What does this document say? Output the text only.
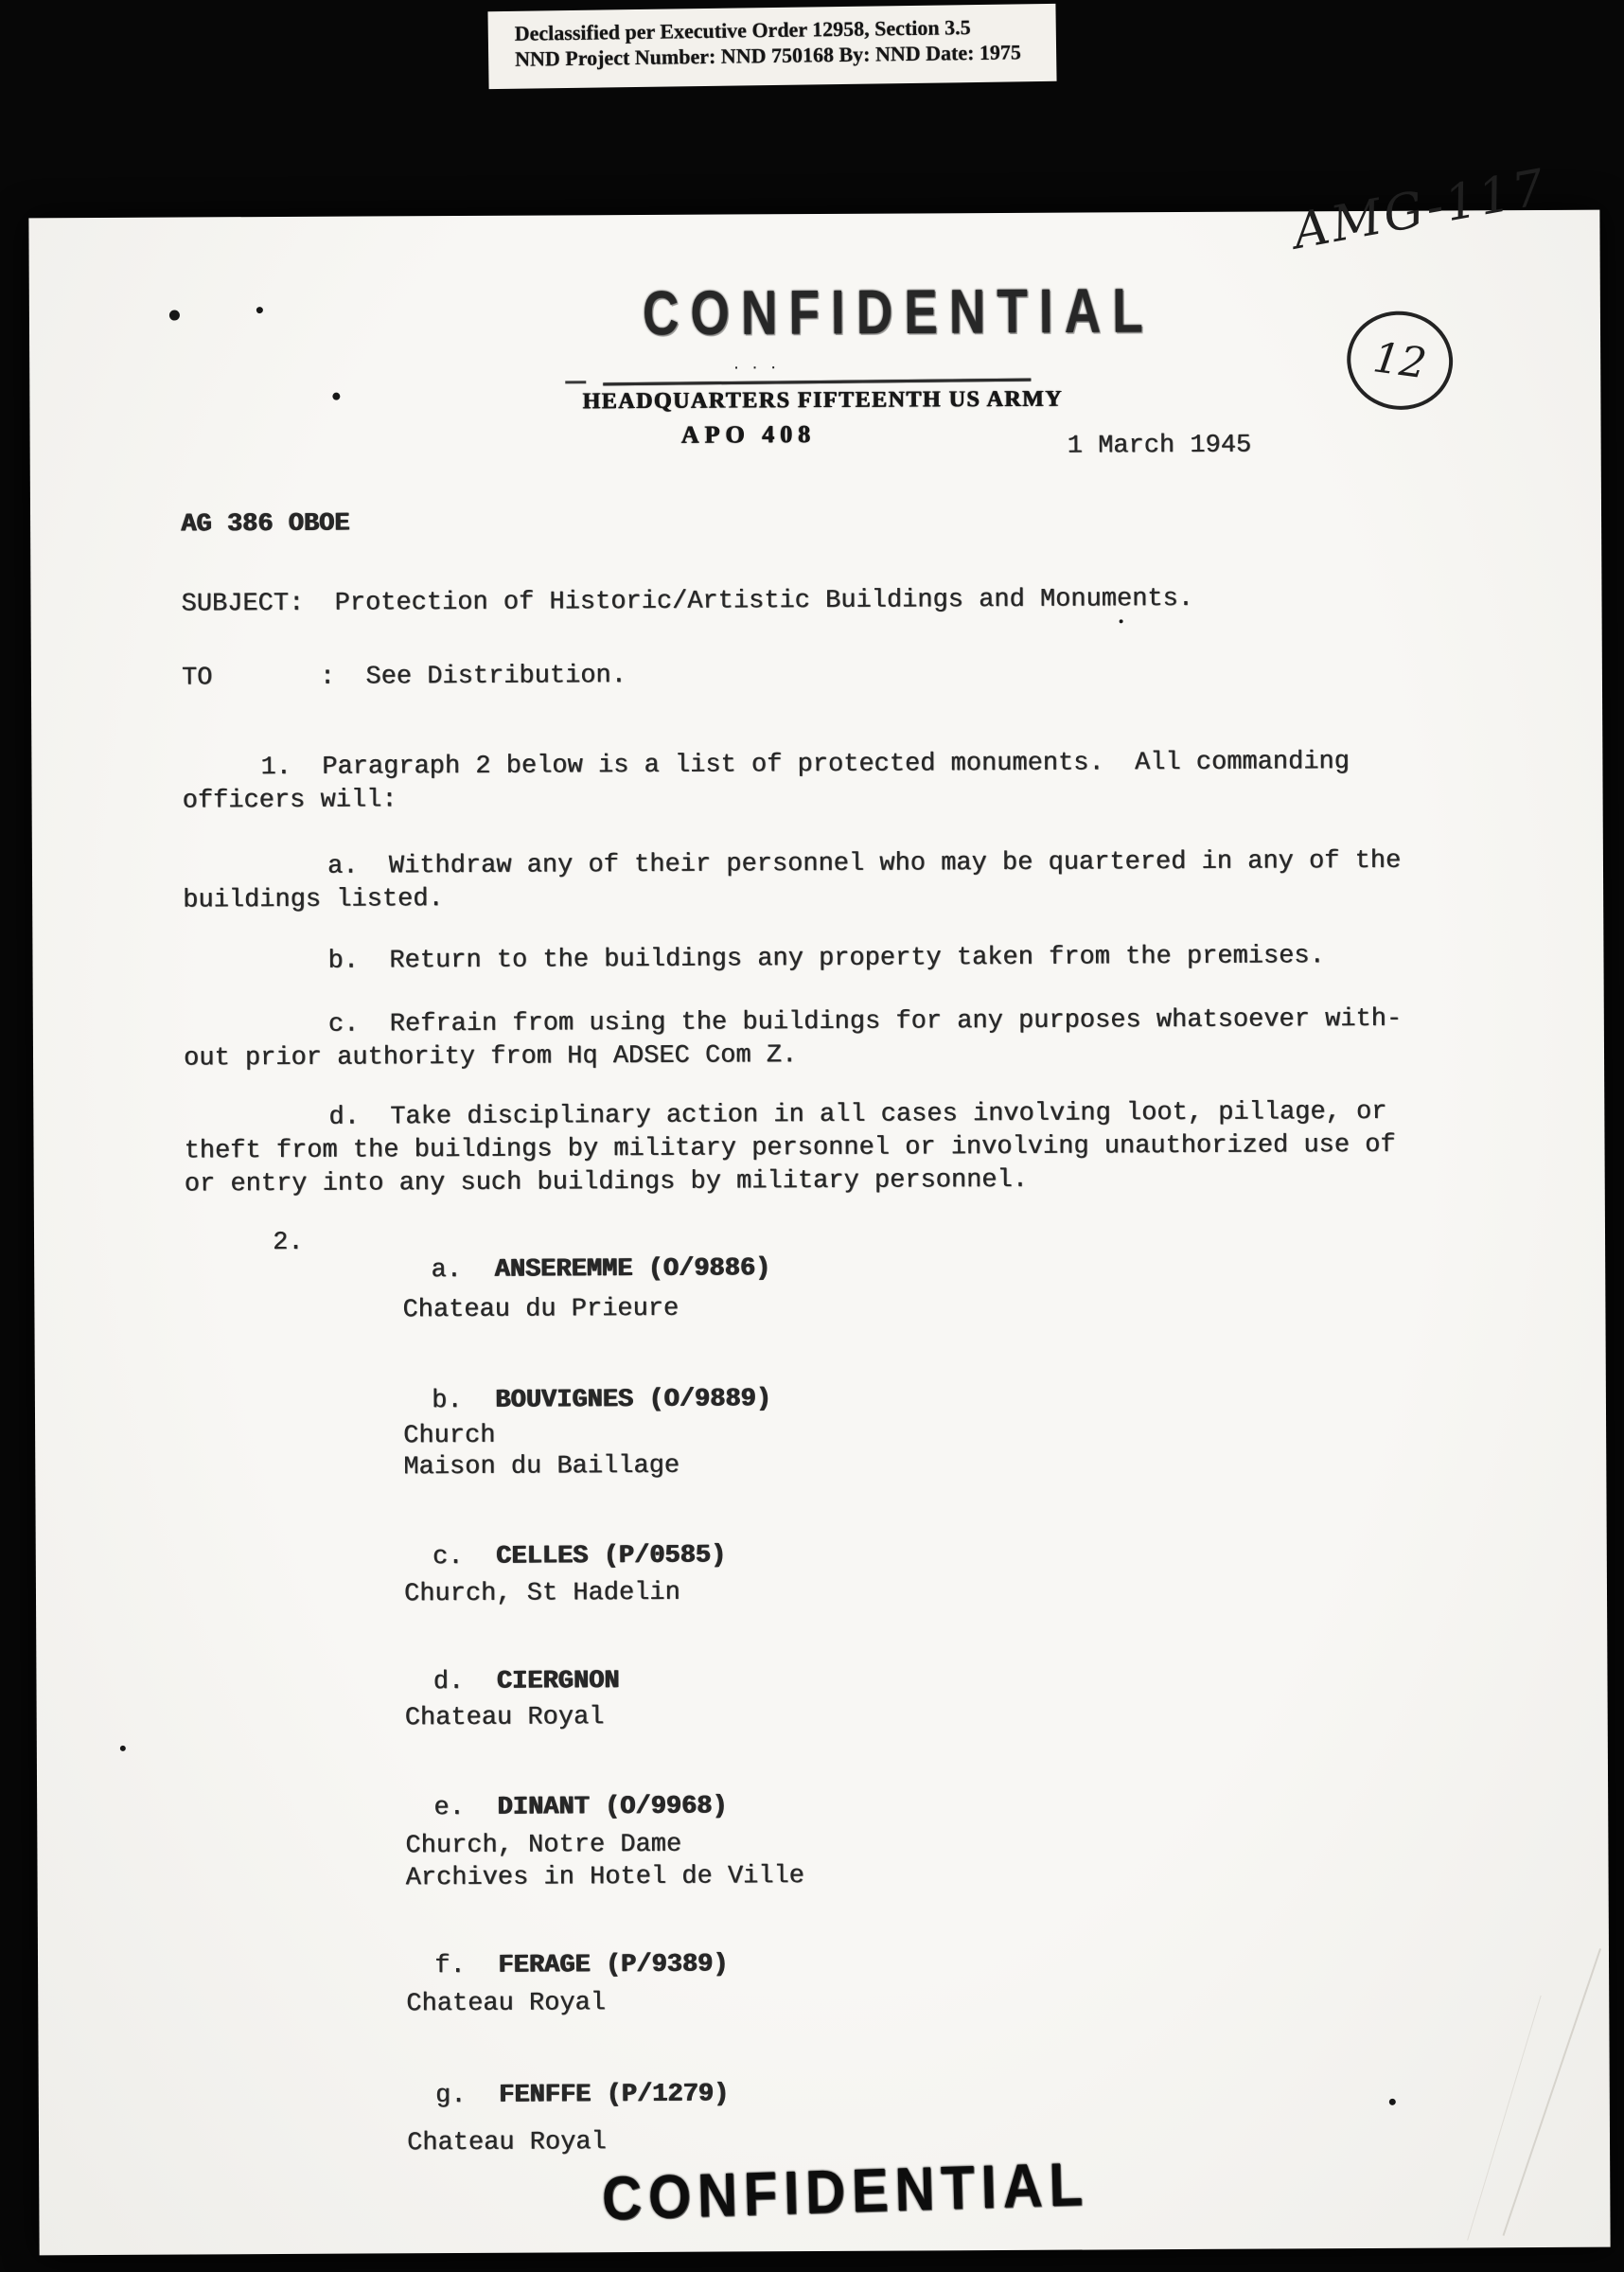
Declassified per Executive Order 12958, Section 3.5
NND Project Number: NND 750168 By: NND Date: 1975
CONFIDENTIAL
...
HEADQUARTERS FIFTEENTH US ARMY
APO 408
AMG-117
12
1 March 1945
AG 386 OBOE
SUBJECT:  Protection of Historic/Artistic Buildings and Monuments.
TO       :  See Distribution.
1.  Paragraph 2 below is a list of protected monuments.  All commanding
officers will:
a.  Withdraw any of their personnel who may be quartered in any of the
buildings listed.
b.  Return to the buildings any property taken from the premises.
c.  Refrain from using the buildings for any purposes whatsoever with-
out prior authority from Hq ADSEC Com Z.
d.  Take disciplinary action in all cases involving loot, pillage, or
theft from the buildings by military personnel or involving unauthorized use of
or entry into any such buildings by military personnel.
2.

a. ANSEREMME (O/9886)

Chateau du Prieure

b. BOUVIGNES (O/9889)

Church
Maison du Baillage

c. CELLES (P/0585)

Church, St Hadelin

d. CIERGNON

Chateau Royal

e. DINANT (O/9968)

Church, Notre Dame
Archives in Hotel de Ville

f. FERAGE (P/9389)

Chateau Royal

g. FENFFE (P/1279)

Chateau Royal
CONFIDENTIAL
